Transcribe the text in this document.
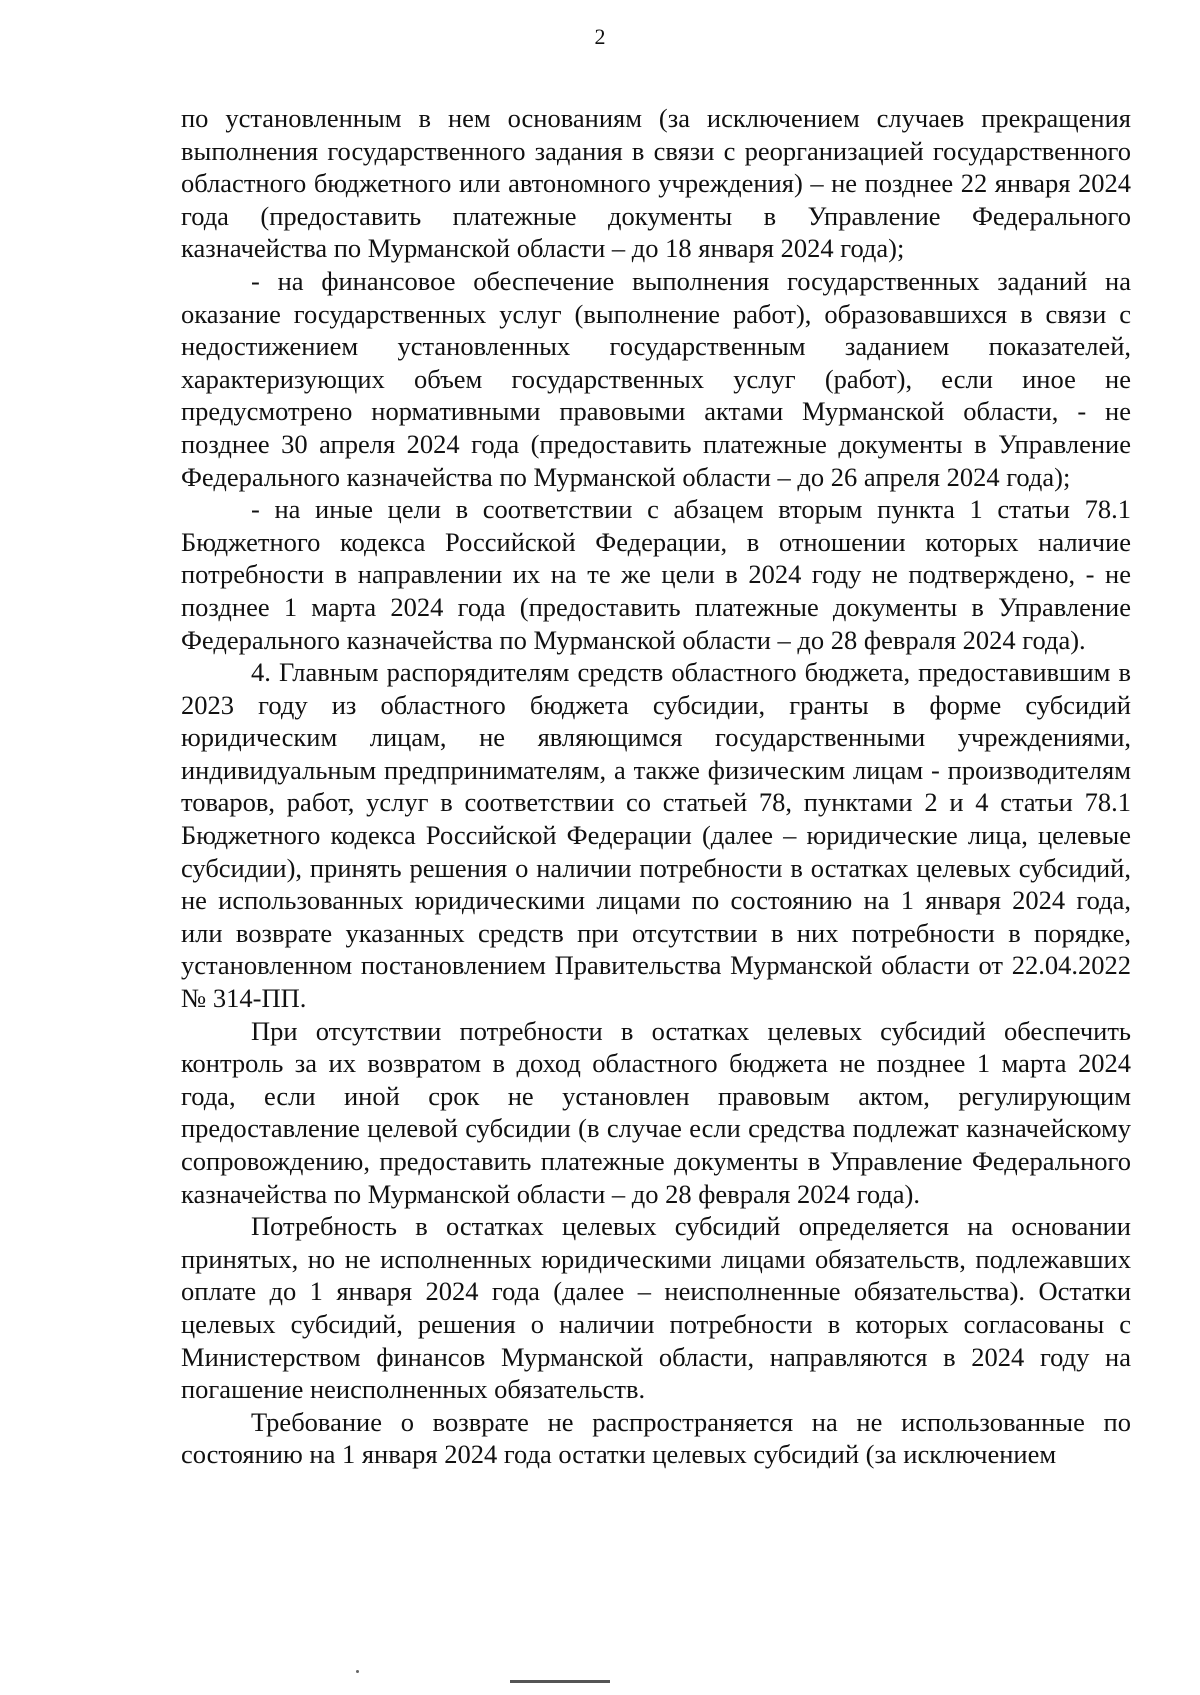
2

по установленным в нем основаниям (за исключением случаев прекращения выполнения государственного задания в связи с реорганизацией государственного областного бюджетного или автономного учреждения) – не позднее 22 января 2024 года (предоставить платежные документы в Управление Федерального казначейства по Мурманской области – до 18 января 2024 года);

- на финансовое обеспечение выполнения государственных заданий на оказание государственных услуг (выполнение работ), образовавшихся в связи с недостижением установленных государственным заданием показателей, характеризующих объем государственных услуг (работ), если иное не предусмотрено нормативными правовыми актами Мурманской области, - не позднее 30 апреля 2024 года (предоставить платежные документы в Управление Федерального казначейства по Мурманской области – до 26 апреля 2024 года);

- на иные цели в соответствии с абзацем вторым пункта 1 статьи 78.1 Бюджетного кодекса Российской Федерации, в отношении которых наличие потребности в направлении их на те же цели в 2024 году не подтверждено, - не позднее 1 марта 2024 года (предоставить платежные документы в Управление Федерального казначейства по Мурманской области – до 28 февраля 2024 года).

4. Главным распорядителям средств областного бюджета, предоставившим в 2023 году из областного бюджета субсидии, гранты в форме субсидий юридическим лицам, не являющимся государственными учреждениями, индивидуальным предпринимателям, а также физическим лицам - производителям товаров, работ, услуг в соответствии со статьей 78, пунктами 2 и 4 статьи 78.1 Бюджетного кодекса Российской Федерации (далее – юридические лица, целевые субсидии), принять решения о наличии потребности в остатках целевых субсидий, не использованных юридическими лицами по состоянию на 1 января 2024 года, или возврате указанных средств при отсутствии в них потребности в порядке, установленном постановлением Правительства Мурманской области от 22.04.2022 № 314-ПП.

При отсутствии потребности в остатках целевых субсидий обеспечить контроль за их возвратом в доход областного бюджета не позднее 1 марта 2024 года, если иной срок не установлен правовым актом, регулирующим предоставление целевой субсидии (в случае если средства подлежат казначейскому сопровождению, предоставить платежные документы в Управление Федерального казначейства по Мурманской области – до 28 февраля 2024 года).

Потребность в остатках целевых субсидий определяется на основании принятых, но не исполненных юридическими лицами обязательств, подлежавших оплате до 1 января 2024 года (далее – неисполненные обязательства). Остатки целевых субсидий, решения о наличии потребности в которых согласованы с Министерством финансов Мурманской области, направляются в 2024 году на погашение неисполненных обязательств.

Требование о возврате не распространяется на не использованные по состоянию на 1 января 2024 года остатки целевых субсидий (за исключением
